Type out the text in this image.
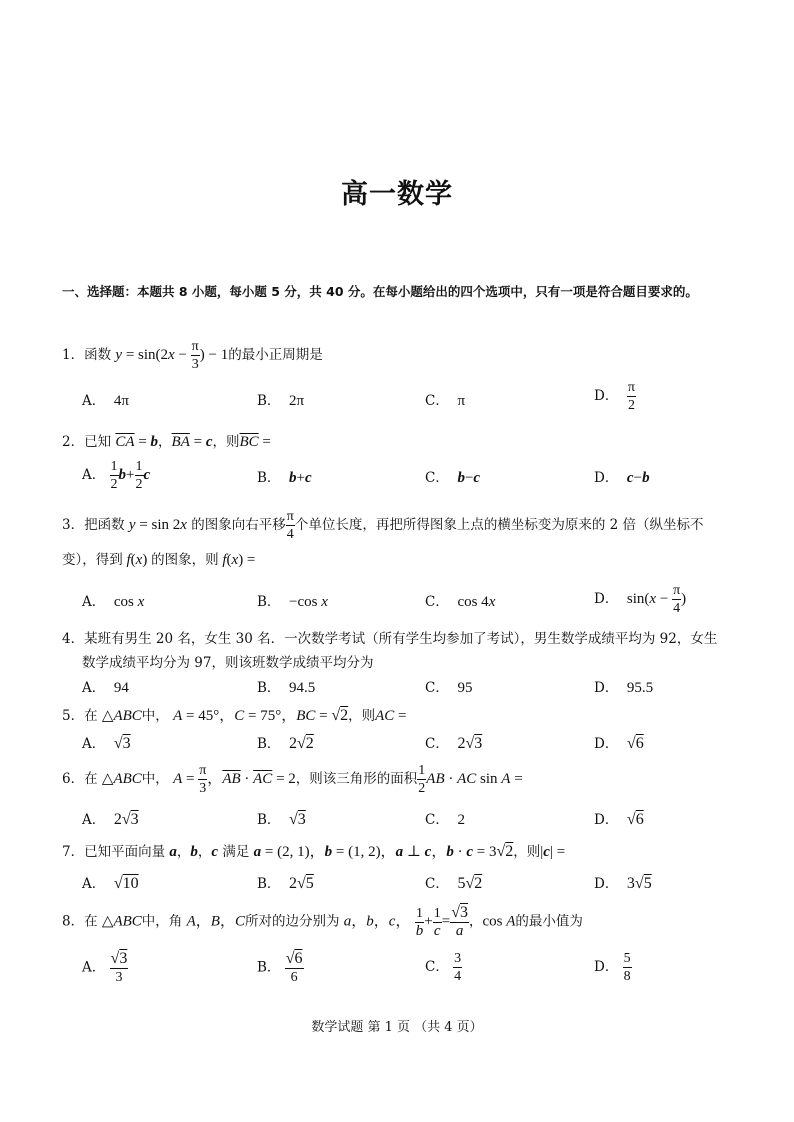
高一数学
一、选择题：本题共 8 小题，每小题 5 分，共 40 分。在每小题给出的四个选项中，只有一项是符合题目要求的。
1．函数 $y = \sin(2x - \frac{\pi}{3}$ ) − 1的最小正周期是
A． 4π	B． 2π	C． π	D． $\frac{\pi}{2}$
2．已知 $\overline{CA} = b$，$\overline{BA} = c$，则$\overline{BC}$ =
A． $\frac{1}{2} b+ \frac{1}{2}$ c	B． b+c	C． b−c	D． c−b
3．把函数 y = sin 2x 的图象向右平移 $\frac{\pi}{4}$ 个单位长度，再把所得图象上点的横坐标变为原来的 2 倍（纵坐标不
变），得到 f(x) 的图象，则 f(x) =
A． cos x	B． −cos x	C． cos 4x	D． $\sin(x - \frac{\pi}{4}$ )
4．某班有男生 20 名，女生 30 名．一次数学考试（所有学生均参加了考试），男生数学成绩平均为 92，女生
数学成绩平均分为 97，则该班数学成绩平均分为
A． 94	B． 94.5	C． 95	D． 95.5
5．在 △ABC中， A = 45°，C = 75°，BC = √2，则AC =
A． √3	B． 2√2	C． 2√3	D． √6
6．在 △ABC中， $A = \frac{\pi}{3}$ ，$\overline{AB} \cdot \overline{AC} = 2$，则该三角形的面积 $\frac{1}{2}$ AB · AC sin A =
A． 2√3	B． √3	C． 2	D． √6
7．已知平面向量 a，b，c 满足 a = (2, 1)，b = (1, 2)，a ⊥ c，b · c = 3√2，则|c| =
A． √10	B． 2√5	C． 5√2	D． 3√5
8．在 △ABC中，角 A，B，C所对的边分别为 a，b，c， $\frac{1}{b} + \frac{1}{c} = \frac{√3}{a}$ ，cos A的最小值为
A． $\frac{√3}{3}$	B． $\frac{√6}{6}$	C． $\frac{3}{4}$	D． $\frac{5}{8}$
数学试题 第 1 页 （共 4 页）
